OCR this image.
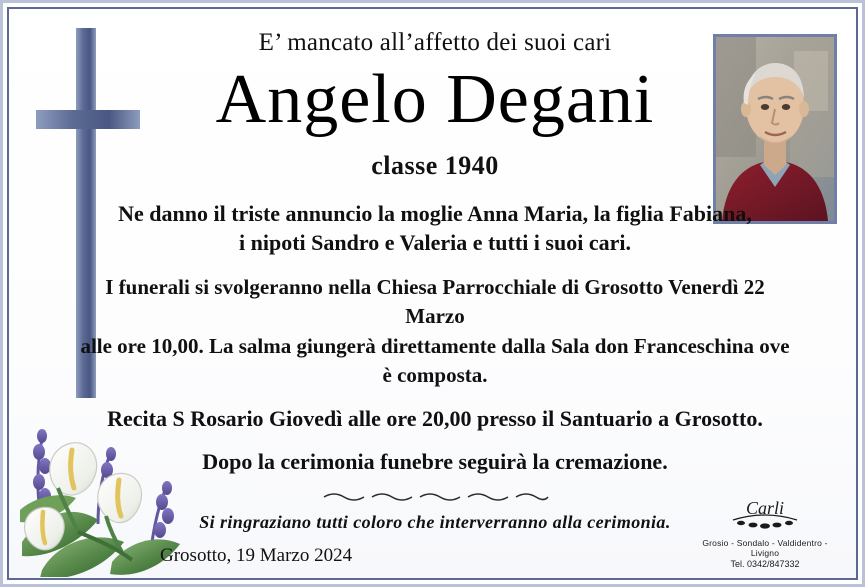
E’ mancato all’affetto dei suoi cari
Angelo Degani
classe 1940
Ne danno il triste annuncio la moglie Anna Maria, la figlia Fabiana,
i nipoti Sandro e Valeria e tutti i suoi cari.
I funerali si svolgeranno nella Chiesa Parrocchiale di Grosotto Venerdì 22 Marzo
alle ore 10,00. La salma giungerà direttamente dalla Sala don Franceschina ove è composta.
Recita S Rosario Giovedì alle ore 20,00 presso il Santuario a Grosotto.
Dopo la cerimonia funebre seguirà la cremazione.
Si ringraziano tutti coloro che interverranno alla cerimonia.
Grosotto, 19 Marzo 2024
Carli
Grosio - Sondalo - Valdidentro - Livigno
Tel. 0342/847332
